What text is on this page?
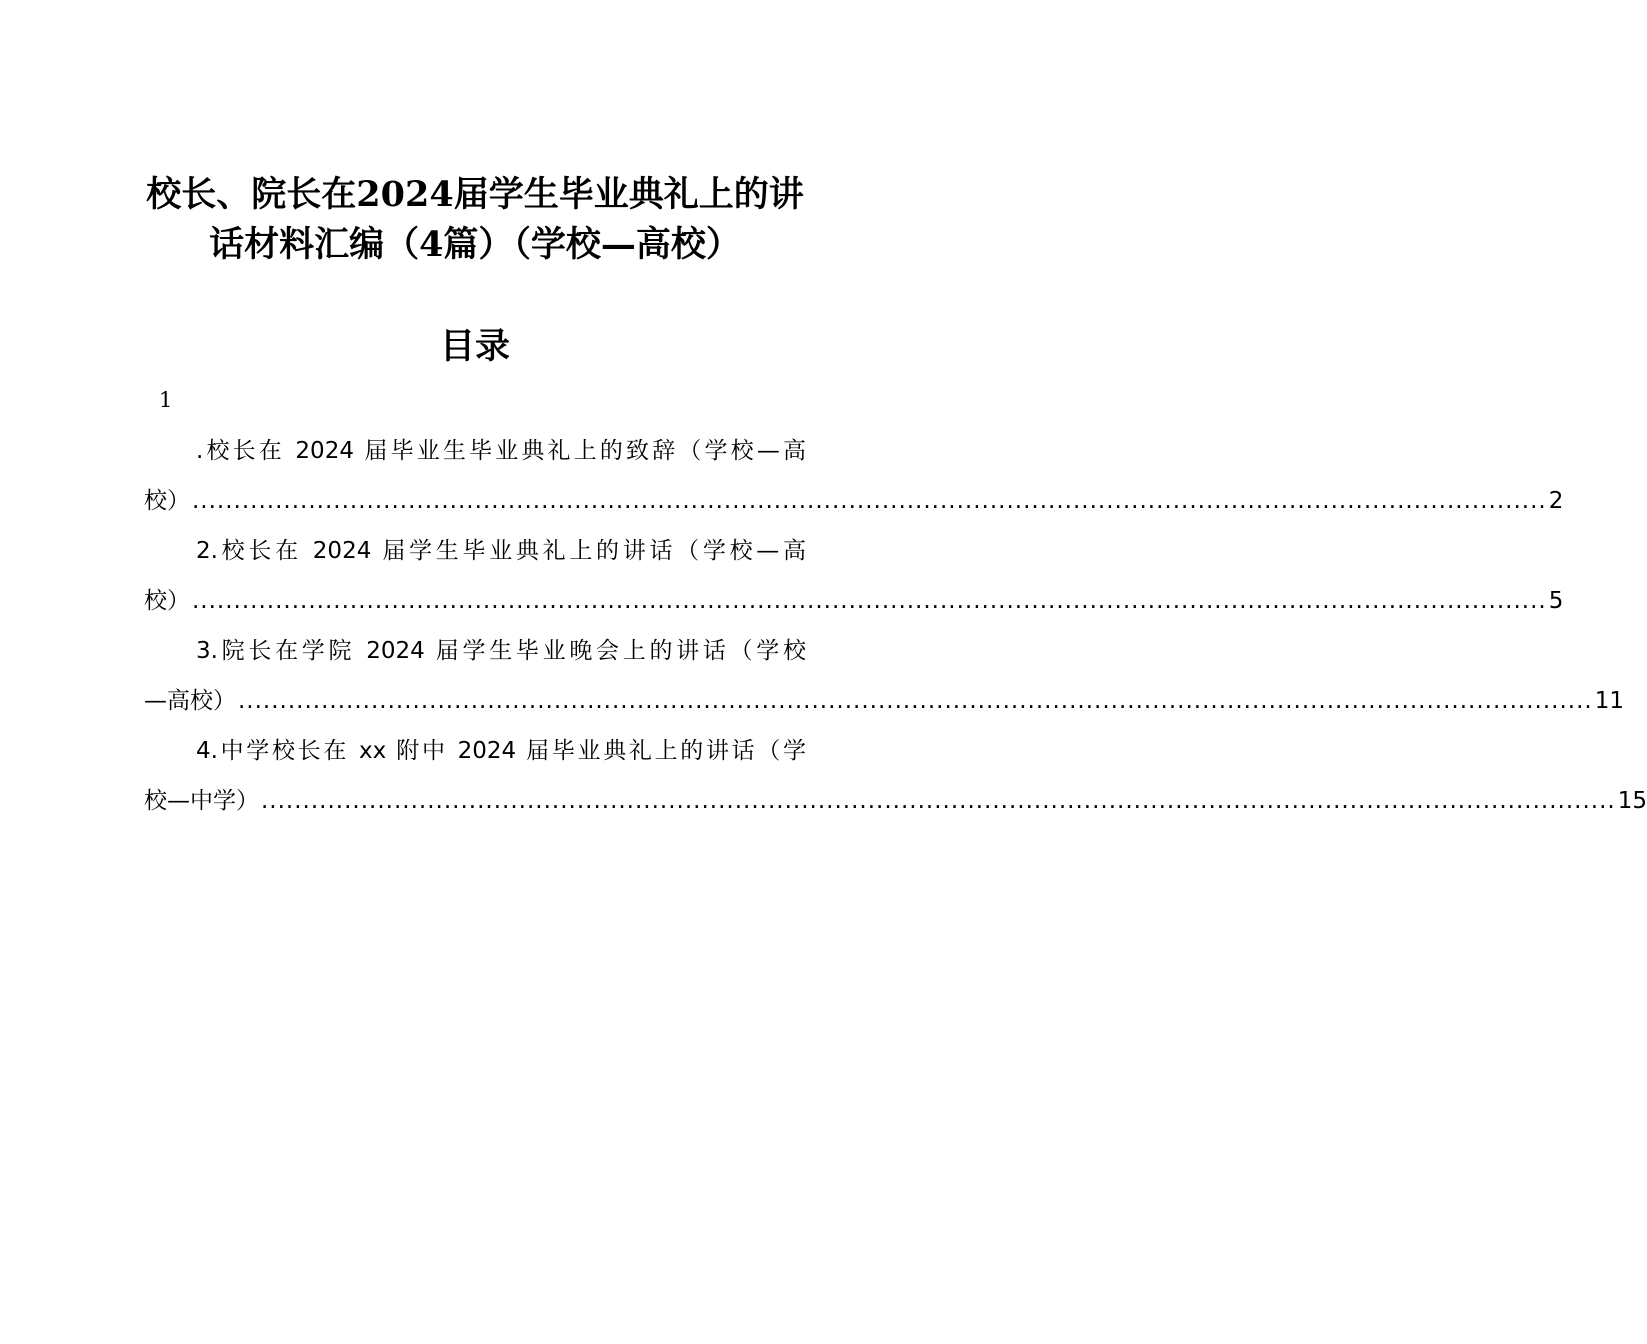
校长、院长在2024届学生毕业典礼上的讲
话材料汇编（4篇）（学校—高校）
目录
1
.校长在 2024 届毕业生毕业典礼上的致辞（学校—高
校） ................................................................................................................................................................... 2
2.校长在 2024 届学生毕业典礼上的讲话（学校—高
校） ................................................................................................................................................................... 5
3.院长在学院 2024 届学生毕业晚会上的讲话（学校
—高校） ................................................................................................................................................................... 11
4.中学校长在 xx 附中 2024 届毕业典礼上的讲话（学
校—中学） ................................................................................................................................................................... 15
